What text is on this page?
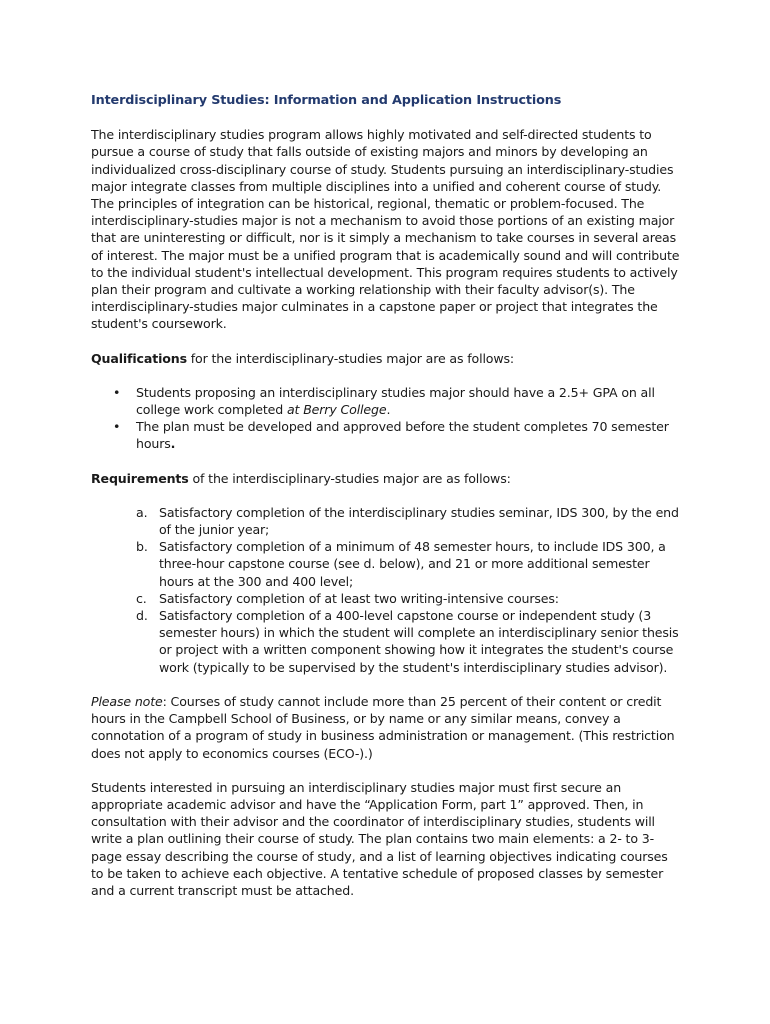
Interdisciplinary Studies: Information and Application Instructions

The interdisciplinary studies program allows highly motivated and self-directed students to pursue a course of study that falls outside of existing majors and minors by developing an individualized cross-disciplinary course of study. Students pursuing an interdisciplinary-studies major integrate classes from multiple disciplines into a unified and coherent course of study. The principles of integration can be historical, regional, thematic or problem-focused. The interdisciplinary-studies major is not a mechanism to avoid those portions of an existing major that are uninteresting or difficult, nor is it simply a mechanism to take courses in several areas of interest. The major must be a unified program that is academically sound and will contribute to the individual student's intellectual development. This program requires students to actively plan their program and cultivate a working relationship with their faculty advisor(s). The interdisciplinary-studies major culminates in a capstone paper or project that integrates the student's coursework.

Qualifications for the interdisciplinary-studies major are as follows:

• Students proposing an interdisciplinary studies major should have a 2.5+ GPA on all college work completed at Berry College.
• The plan must be developed and approved before the student completes 70 semester hours.

Requirements of the interdisciplinary-studies major are as follows:

a. Satisfactory completion of the interdisciplinary studies seminar, IDS 300, by the end of the junior year;
b. Satisfactory completion of a minimum of 48 semester hours, to include IDS 300, a three-hour capstone course (see d. below), and 21 or more additional semester hours at the 300 and 400 level;
c. Satisfactory completion of at least two writing-intensive courses:
d. Satisfactory completion of a 400-level capstone course or independent study (3 semester hours) in which the student will complete an interdisciplinary senior thesis or project with a written component showing how it integrates the student's course work (typically to be supervised by the student's interdisciplinary studies advisor).

Please note: Courses of study cannot include more than 25 percent of their content or credit hours in the Campbell School of Business, or by name or any similar means, convey a connotation of a program of study in business administration or management. (This restriction does not apply to economics courses (ECO-).)

Students interested in pursuing an interdisciplinary studies major must first secure an appropriate academic advisor and have the “Application Form, part 1” approved. Then, in consultation with their advisor and the coordinator of interdisciplinary studies, students will write a plan outlining their course of study. The plan contains two main elements: a 2- to 3-page essay describing the course of study, and a list of learning objectives indicating courses to be taken to achieve each objective. A tentative schedule of proposed classes by semester and a current transcript must be attached.
